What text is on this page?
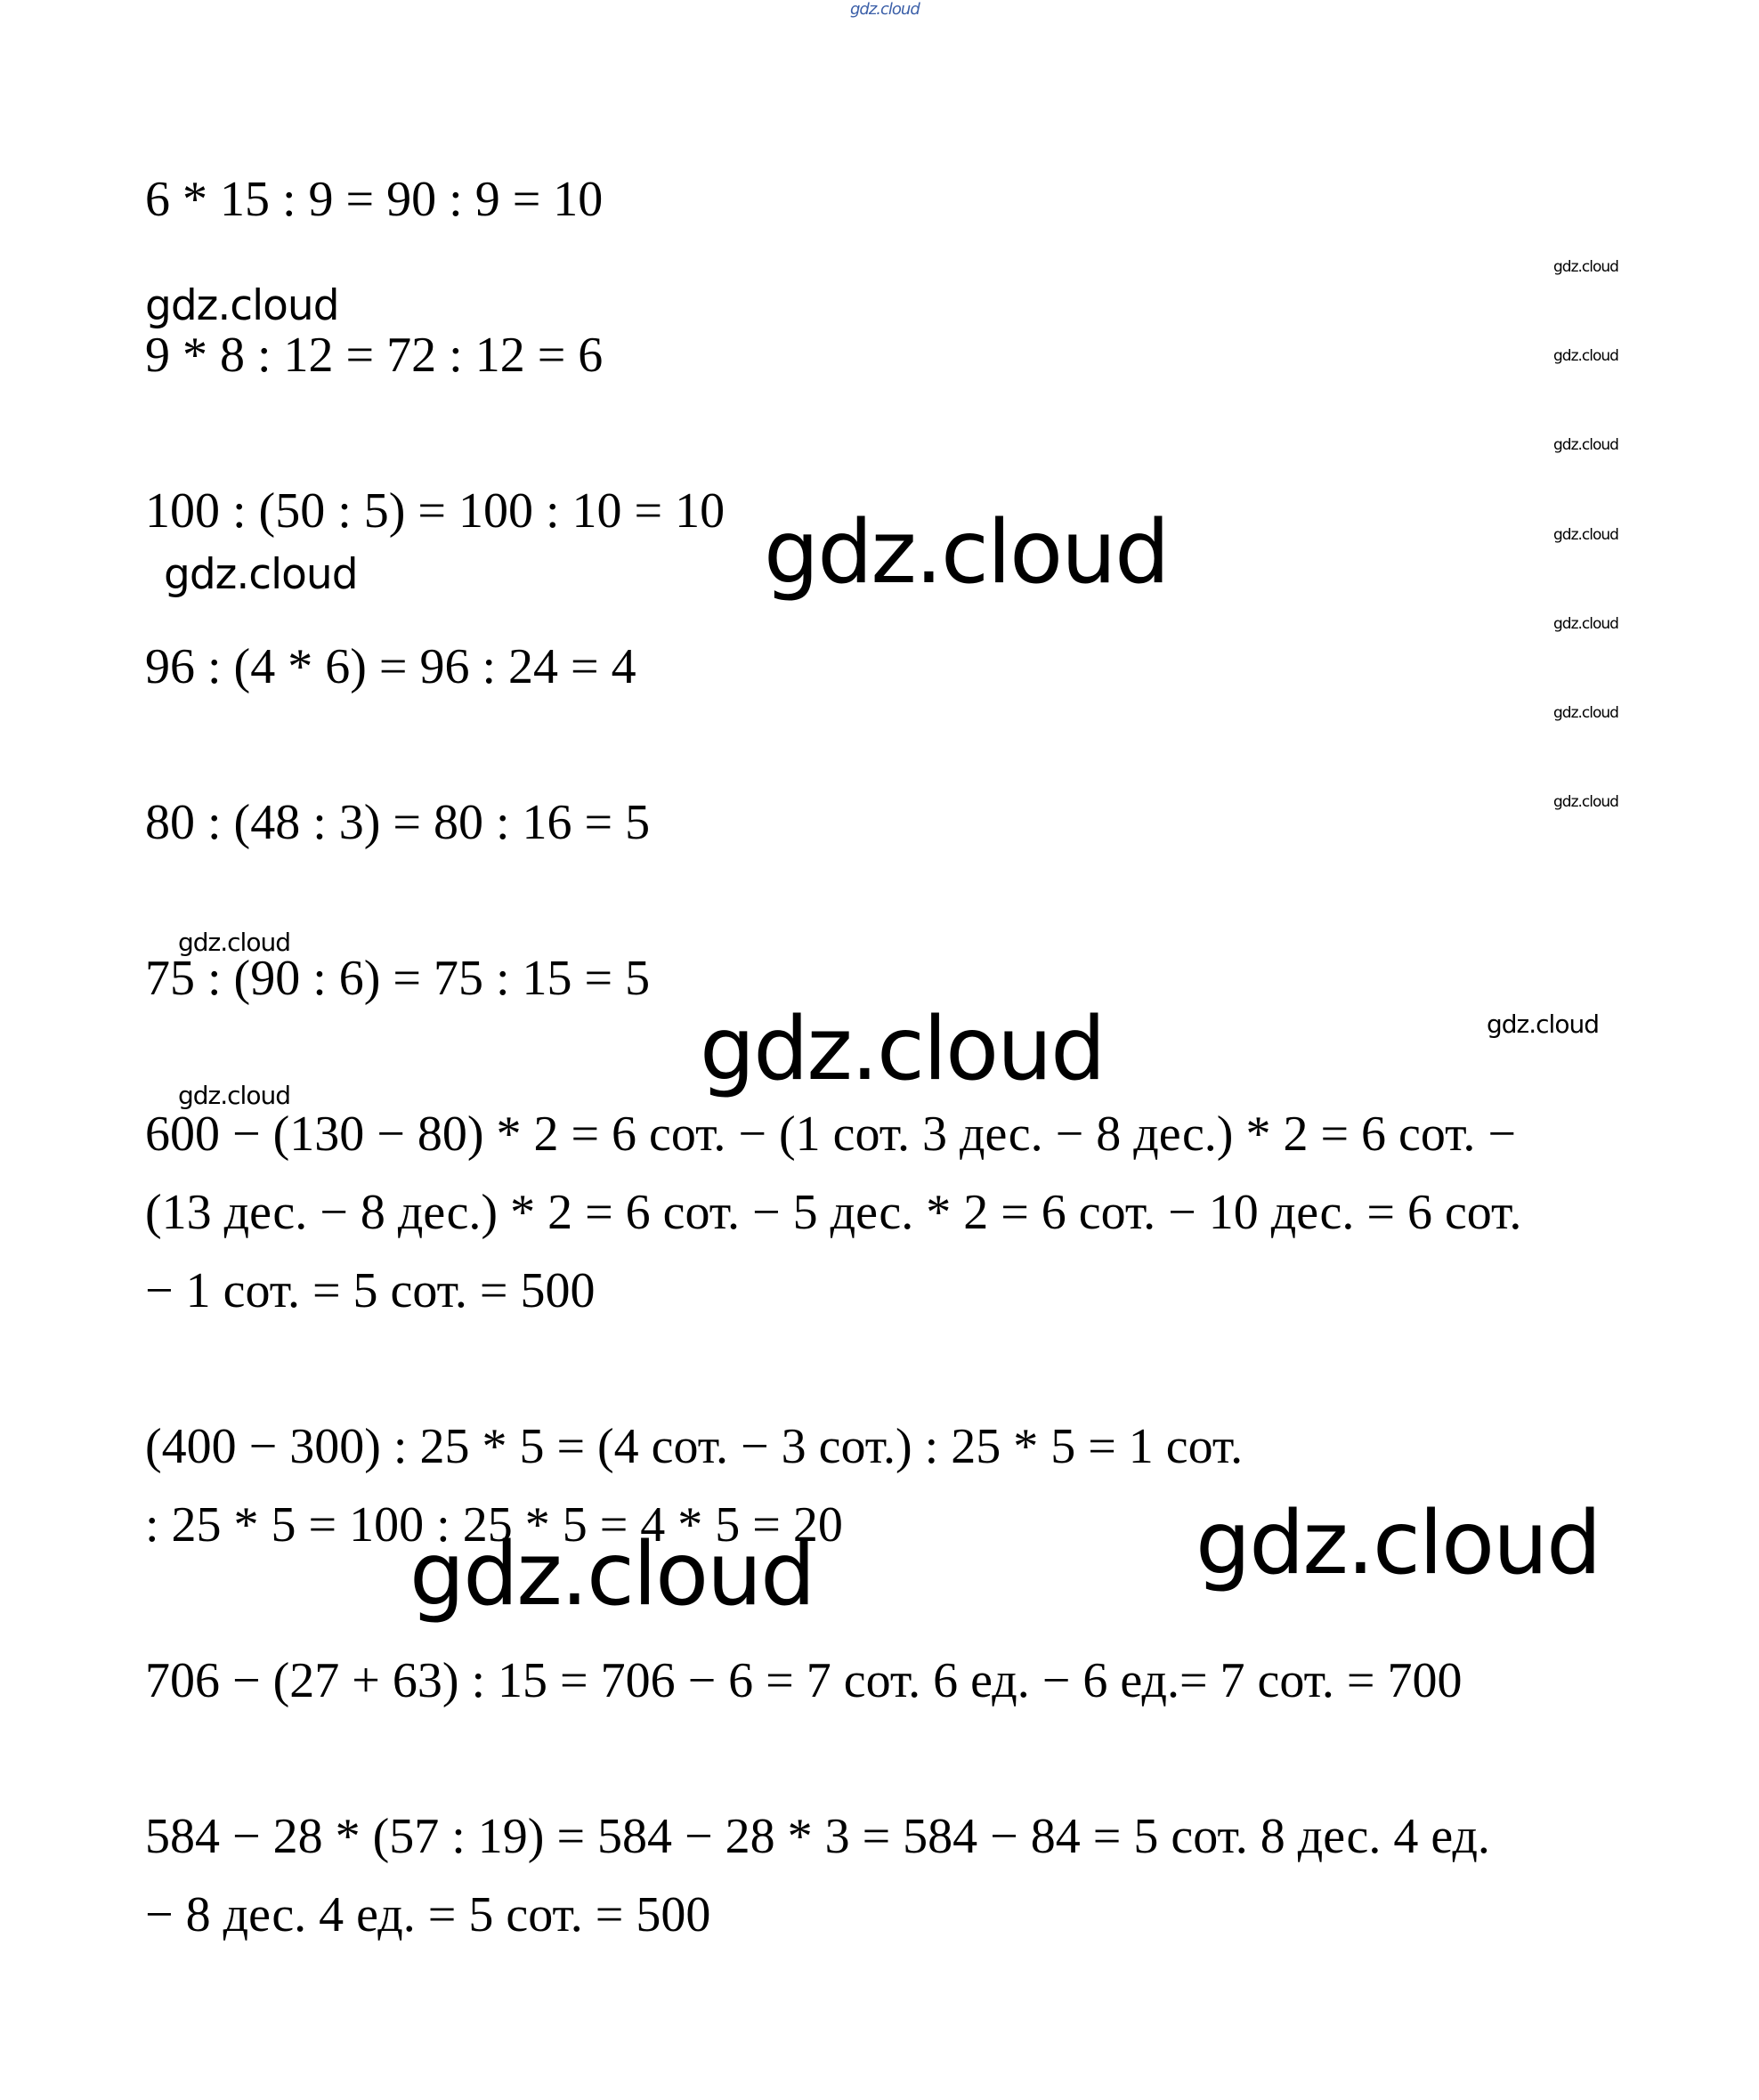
gdz.cloud
gdz.cloud
gdz.cloud
gdz.cloud
gdz.cloud
gdz.cloud
gdz.cloud
gdz.cloud
gdz.cloud
gdz.cloud	gdz.cloud
gdz.cloud
gdz.cloud
gdz.cloud
gdz.cloud
gdz.cloud
gdz.cloud

6 * 15 : 9 = 90 : 9 = 10

9 * 8 : 12 = 72 : 12 = 6

100 : (50 : 5) = 100 : 10 = 10

96 : (4 * 6) = 96 : 24 = 4

80 : (48 : 3) = 80 : 16 = 5

75 : (90 : 6) = 75 : 15 = 5

600 − (130 − 80) * 2 = 6 сот. − (1 сот. 3 дес. − 8 дес.) * 2 = 6 сот. −

(13 дес. − 8 дес.) * 2 = 6 сот. − 5 дес. * 2 = 6 сот. − 10 дес. = 6 сот.

− 1 сот. = 5 сот. = 500

(400 − 300) : 25 * 5 = (4 сот. − 3 сот.) : 25 * 5 = 1 сот.

: 25 * 5 = 100 : 25 * 5 = 4 * 5 = 20

706 − (27 + 63) : 15 = 706 − 6 = 7 сот. 6 ед. − 6 ед.= 7 сот. = 700

584 − 28 * (57 : 19) = 584 − 28 * 3 = 584 − 84 = 5 сот. 8 дес. 4 ед.

− 8 дес. 4 ед. = 5 сот. = 500
